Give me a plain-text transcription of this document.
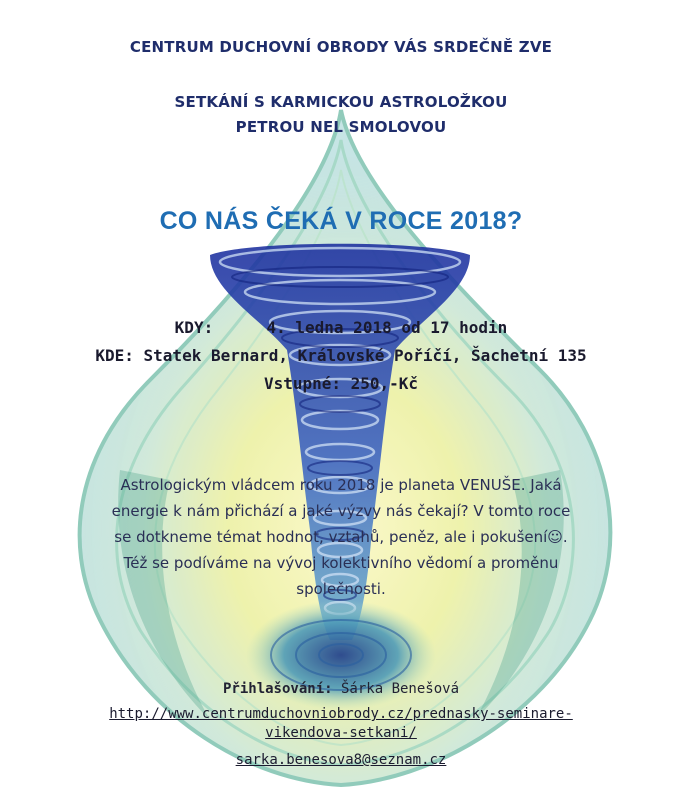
CENTRUM DUCHOVNÍ OBRODY VÁS SRDEČNĚ ZVE
SETKÁNÍ S KARMICKOU ASTROLOŽKOU
PETROU NEL SMOLOVOU
CO NÁS ČEKÁ V ROCE 2018?
KDY:	4. ledna 2018 od 17 hodin
KDE: Statek Bernard, Královské Poříčí, Šachetní 135
Vstupné: 250,-Kč
Astrologickým vládcem roku 2018 je planeta VENUŠE. Jaká
energie k nám přichází a jaké výzvy nás čekají? V tomto roce
se dotkneme témat hodnot, vztahů, peněz, ale i pokušení☺.
Též se podíváme na vývoj kolektivního vědomí a proměnu
společnosti.
Přihlašování: Šárka Benešová
http://www.centrumduchovniobrody.cz/prednasky-seminare-
vikendova-setkani/
sarka.benesova8@seznam.cz
